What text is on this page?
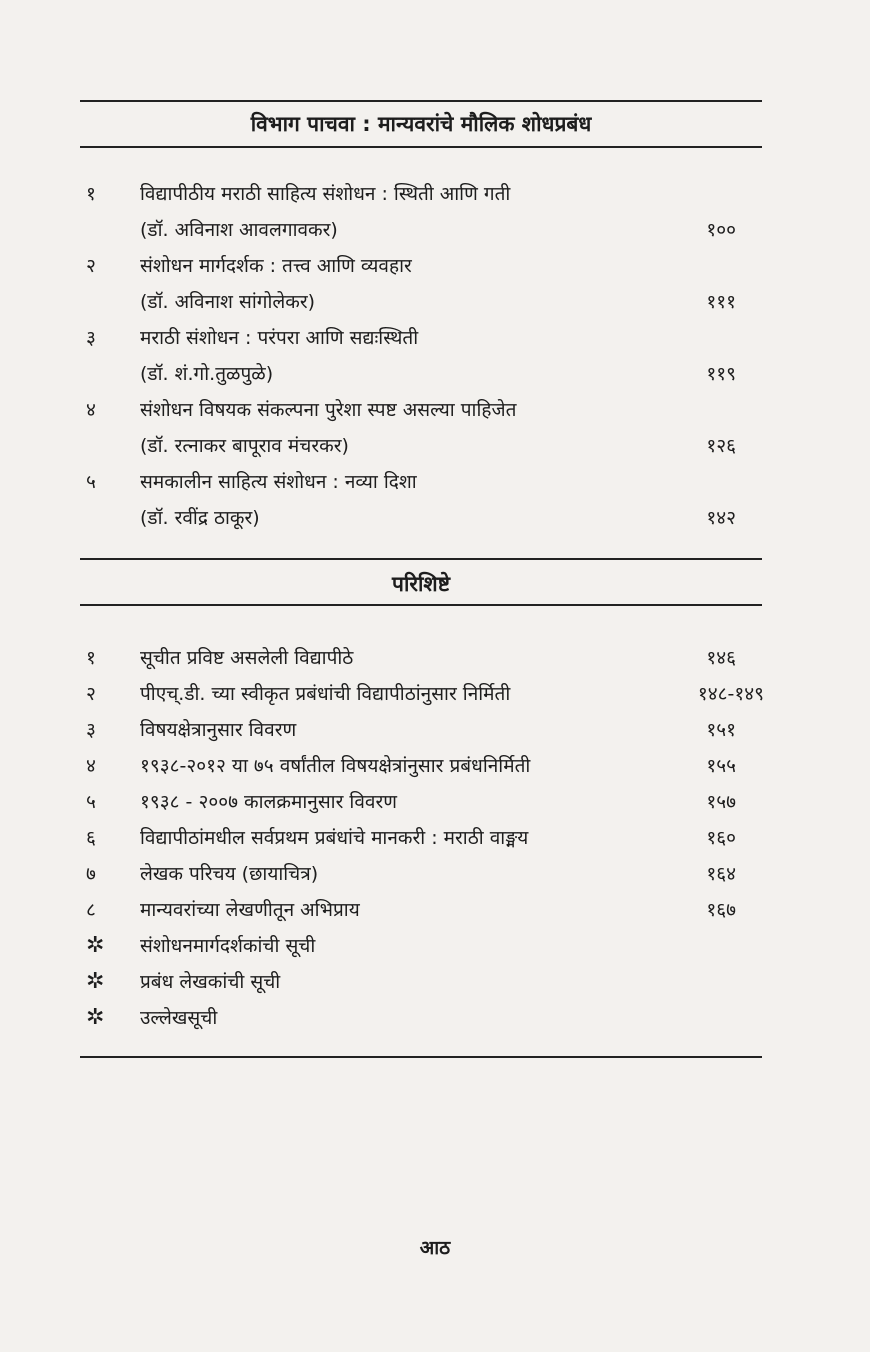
विभाग पाचवा : मान्यवरांचे मौलिक शोधप्रबंध
१ विद्यापीठीय मराठी साहित्य संशोधन : स्थिती आणि गती
(डॉ. अविनाश आवलगावकर)	१००
२ संशोधन मार्गदर्शक : तत्त्व आणि व्यवहार
(डॉ. अविनाश सांगोलेकर)	१११
३ मराठी संशोधन : परंपरा आणि सद्यःस्थिती
(डॉ. शं.गो.तुळपुळे)	११९
४ संशोधन विषयक संकल्पना पुरेशा स्पष्ट असल्या पाहिजेत
(डॉ. रत्नाकर बापूराव मंचरकर)	१२६
५ समकालीन साहित्य संशोधन : नव्या दिशा
(डॉ. रवींद्र ठाकूर)	१४२
परिशिष्टे
१ सूचीत प्रविष्ट असलेली विद्यापीठे	१४६
२ पीएच्.डी. च्या स्वीकृत प्रबंधांची विद्यापीठांनुसार निर्मिती	१४८-१४९
३ विषयक्षेत्रानुसार विवरण	१५१
४ १९३८-२०१२ या ७५ वर्षांतील विषयक्षेत्रांनुसार प्रबंधनिर्मिती	१५५
५ १९३८ - २००७ कालक्रमानुसार विवरण	१५७
६ विद्यापीठांमधील सर्वप्रथम प्रबंधांचे मानकरी : मराठी वाङ्मय	१६०
७ लेखक परिचय (छायाचित्र)	१६४
८ मान्यवरांच्या लेखणीतून अभिप्राय	१६७
✲ संशोधनमार्गदर्शकांची सूची
✲ प्रबंध लेखकांची सूची
✲ उल्लेखसूची
आठ
